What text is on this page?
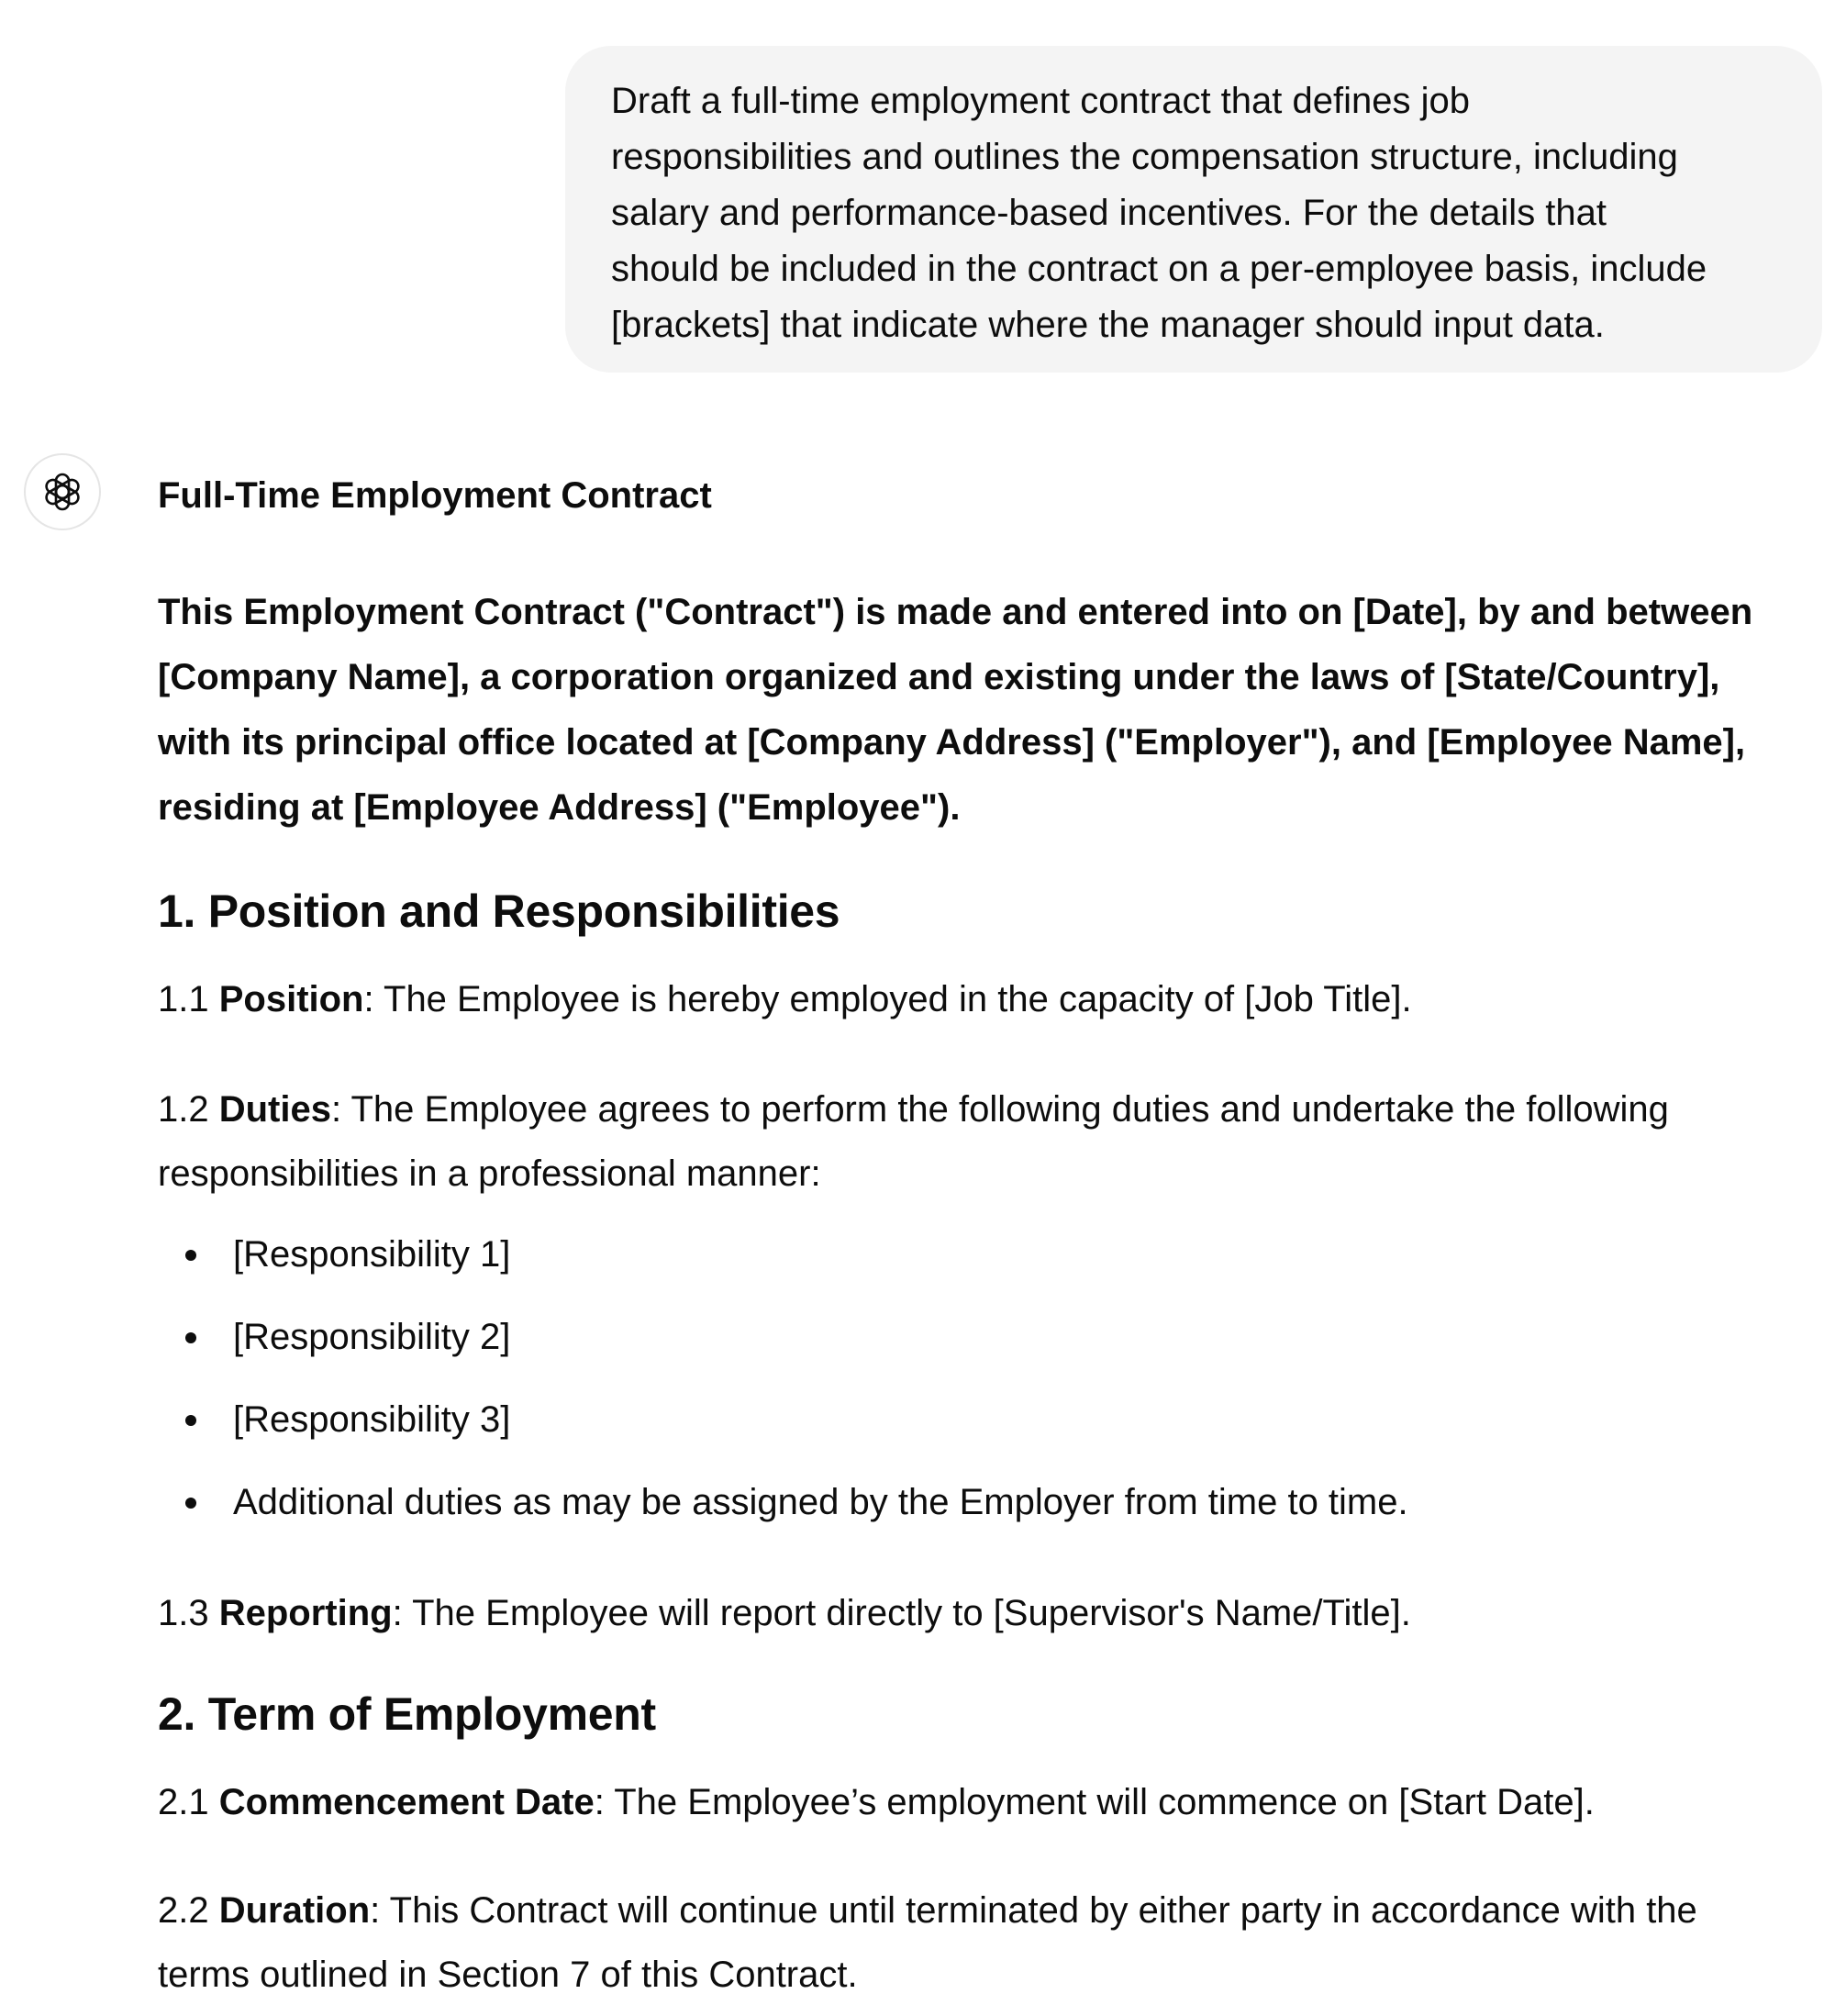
Draft a full-time employment contract that defines job

responsibilities and outlines the compensation structure, including

salary and performance-based incentives. For the details that

should be included in the contract on a per-employee basis, include

[brackets] that indicate where the manager should input data.

Full-Time Employment Contract

This Employment Contract ("Contract") is made and entered into on [Date], by and between

[Company Name], a corporation organized and existing under the laws of [State/Country],

with its principal office located at [Company Address] ("Employer"), and [Employee Name],

residing at [Employee Address] ("Employee").

1. Position and Responsibilities

1.1 Position: The Employee is hereby employed in the capacity of [Job Title].

1.2 Duties: The Employee agrees to perform the following duties and undertake the following

responsibilities in a professional manner:

[Responsibility 1]
[Responsibility 2]
[Responsibility 3]
Additional duties as may be assigned by the Employer from time to time.

1.3 Reporting: The Employee will report directly to [Supervisor's Name/Title].

2. Term of Employment

2.1 Commencement Date: The Employee’s employment will commence on [Start Date].

2.2 Duration: This Contract will continue until terminated by either party in accordance with the

terms outlined in Section 7 of this Contract.
